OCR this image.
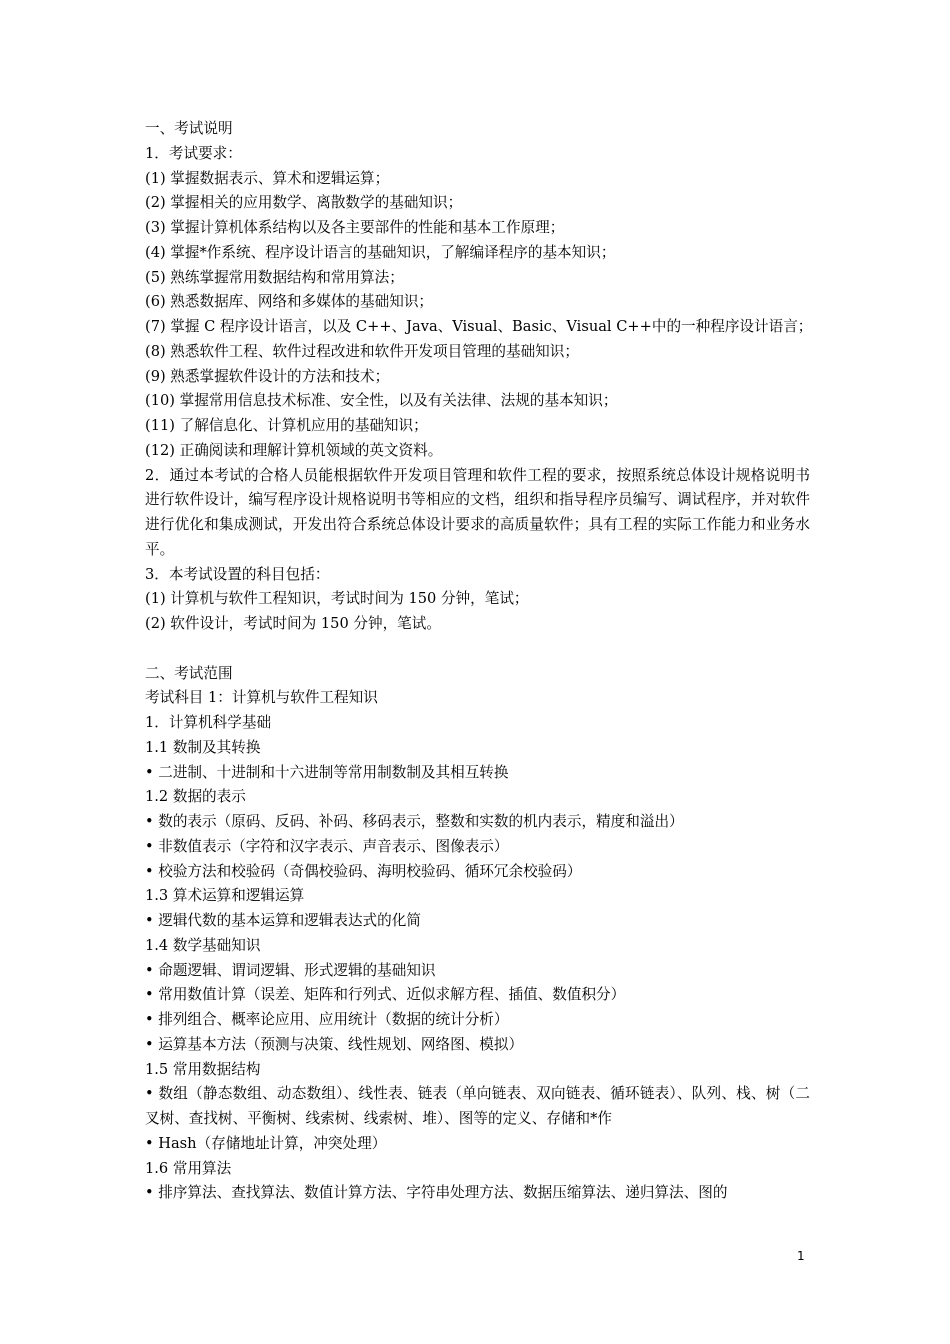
一、考试说明
1．考试要求：
(1) 掌握数据表示、算术和逻辑运算；
(2) 掌握相关的应用数学、离散数学的基础知识；
(3) 掌握计算机体系结构以及各主要部件的性能和基本工作原理；
(4) 掌握*作系统、程序设计语言的基础知识，了解编译程序的基本知识；
(5) 熟练掌握常用数据结构和常用算法；
(6) 熟悉数据库、网络和多媒体的基础知识；
(7) 掌握 C 程序设计语言，以及 C++、Java、Visual、Basic、Visual C++中的一种程序设计语言；
(8) 熟悉软件工程、软件过程改进和软件开发项目管理的基础知识；
(9) 熟悉掌握软件设计的方法和技术；
(10) 掌握常用信息技术标准、安全性，以及有关法律、法规的基本知识；
(11) 了解信息化、计算机应用的基础知识；
(12) 正确阅读和理解计算机领域的英文资料。
2．通过本考试的合格人员能根据软件开发项目管理和软件工程的要求，按照系统总体设计规格说明书进行软件设计，编写程序设计规格说明书等相应的文档，组织和指导程序员编写、调试程序，并对软件进行优化和集成测试，开发出符合系统总体设计要求的高质量软件；具有工程的实际工作能力和业务水平。
3．本考试设置的科目包括：
(1) 计算机与软件工程知识，考试时间为 150 分钟，笔试；
(2) 软件设计，考试时间为 150 分钟，笔试。
二、考试范围
考试科目 1：计算机与软件工程知识
1．计算机科学基础
1.1 数制及其转换
• 二进制、十进制和十六进制等常用制数制及其相互转换
1.2 数据的表示
• 数的表示（原码、反码、补码、移码表示，整数和实数的机内表示，精度和溢出）
• 非数值表示（字符和汉字表示、声音表示、图像表示）
• 校验方法和校验码（奇偶校验码、海明校验码、循环冗余校验码）
1.3 算术运算和逻辑运算
• 逻辑代数的基本运算和逻辑表达式的化简
1.4 数学基础知识
• 命题逻辑、谓词逻辑、形式逻辑的基础知识
• 常用数值计算（误差、矩阵和行列式、近似求解方程、插值、数值积分）
• 排列组合、概率论应用、应用统计（数据的统计分析）
• 运算基本方法（预测与决策、线性规划、网络图、模拟）
1.5 常用数据结构
• 数组（静态数组、动态数组）、线性表、链表（单向链表、双向链表、循环链表）、队列、栈、树（二叉树、查找树、平衡树、线索树、线索树、堆）、图等的定义、存储和*作
• Hash（存储地址计算，冲突处理）
1.6 常用算法
• 排序算法、查找算法、数值计算方法、字符串处理方法、数据压缩算法、递归算法、图的
1
